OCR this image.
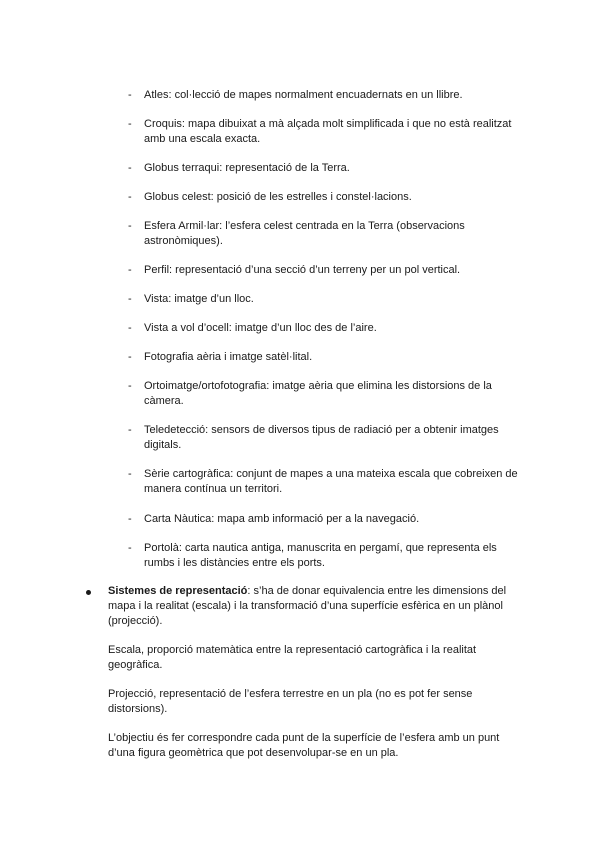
- Atles: col·lecció de mapes normalment encuadernats en un llibre.
- Croquis: mapa dibuixat a mà alçada molt simplificada i que no està realitzat amb una escala exacta.
- Globus terraqui: representació de la Terra.
- Globus celest: posició de les estrelles i constel·lacions.
- Esfera Armil·lar: l’esfera celest centrada en la Terra (observacions astronòmiques).
- Perfil: representació d’una secció d’un terreny per un pol vertical.
- Vista: imatge d’un lloc.
- Vista a vol d’ocell: imatge d’un lloc des de l’aire.
- Fotografia aèria i imatge satèl·lital.
- Ortoimatge/ortofotografia: imatge aèria que elimina les distorsions de la càmera.
- Teledetecció: sensors de diversos tipus de radiació per a obtenir imatges digitals.
- Sèrie cartogràfica: conjunt de mapes a una mateixa escala que cobreixen de manera contínua un territori.
- Carta Nàutica: mapa amb informació per a la navegació.
- Portolà: carta nautica antiga, manuscrita en pergamí, que representa els rumbs i les distàncies entre els ports.
Sistemes de representació: s’ha de donar equivalencia entre les dimensions del mapa i la realitat (escala) i la transformació d’una superfície esfèrica en un plànol (projecció).
Escala, proporció matemàtica entre la representació cartogràfica i la realitat geogràfica.
Projecció, representació de l’esfera terrestre en un pla (no es pot fer sense distorsions).
L’objectiu és fer correspondre cada punt de la superfície de l’esfera amb un punt d’una figura geomètrica que pot desenvolupar-se en un pla.
